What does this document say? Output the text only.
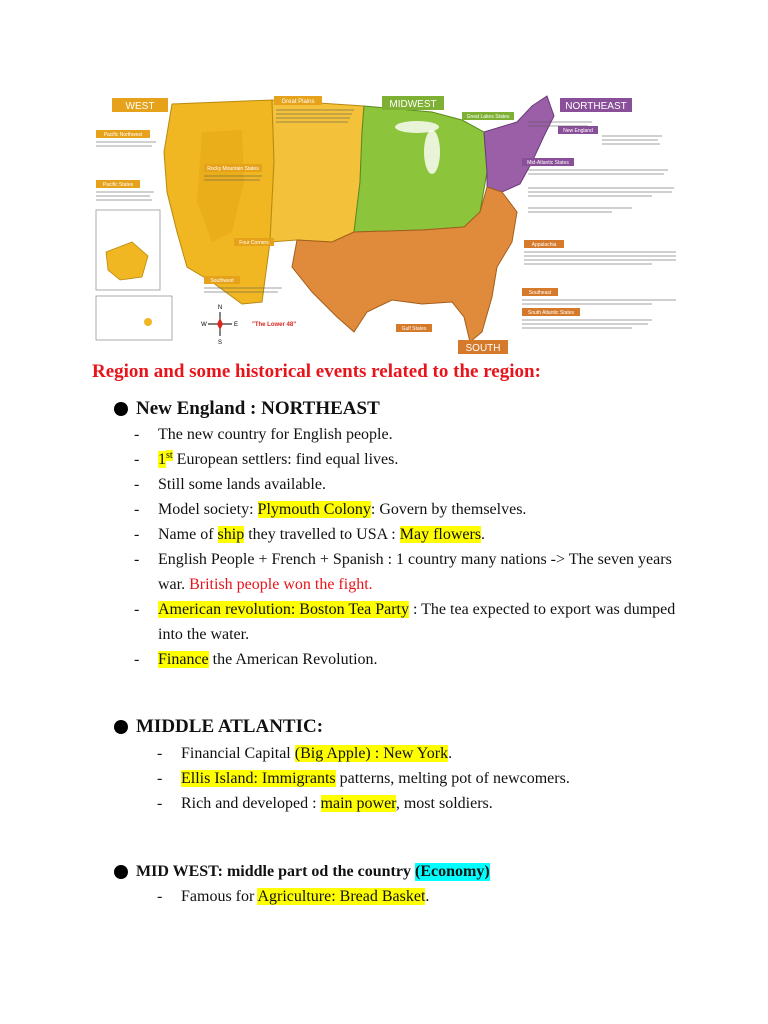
WEST	Great Plains	MIDWEST	NORTHEAST
SOUTH
Pacific Northwest
Pacific States
Rocky Mountain States
Four Corners
Southwest
Great Lakes States
New England
Mid-Atlantic States
Appalachia
Southeast
South Atlantic States
Gulf States
"The Lower 48"
N
S
E
W
Region and some historical events related to the region:
New England : NORTHEAST
- The new country for English people.
- 1st European settlers: find equal lives.
- Still some lands available.
- Model society: Plymouth Colony: Govern by themselves.
- Name of ship they travelled to USA : May flowers.
- English People + French + Spanish : 1 country many nations -> The seven years war. British people won the fight.
- American revolution: Boston Tea Party : The tea expected to export was dumped into the water.
- Finance the American Revolution.
MIDDLE ATLANTIC:
- Financial Capital (Big Apple) : New York.
- Ellis Island: Immigrants patterns, melting pot of newcomers.
- Rich and developed : main power, most soldiers.
MID WEST: middle part od the country (Economy)
- Famous for Agriculture: Bread Basket.
